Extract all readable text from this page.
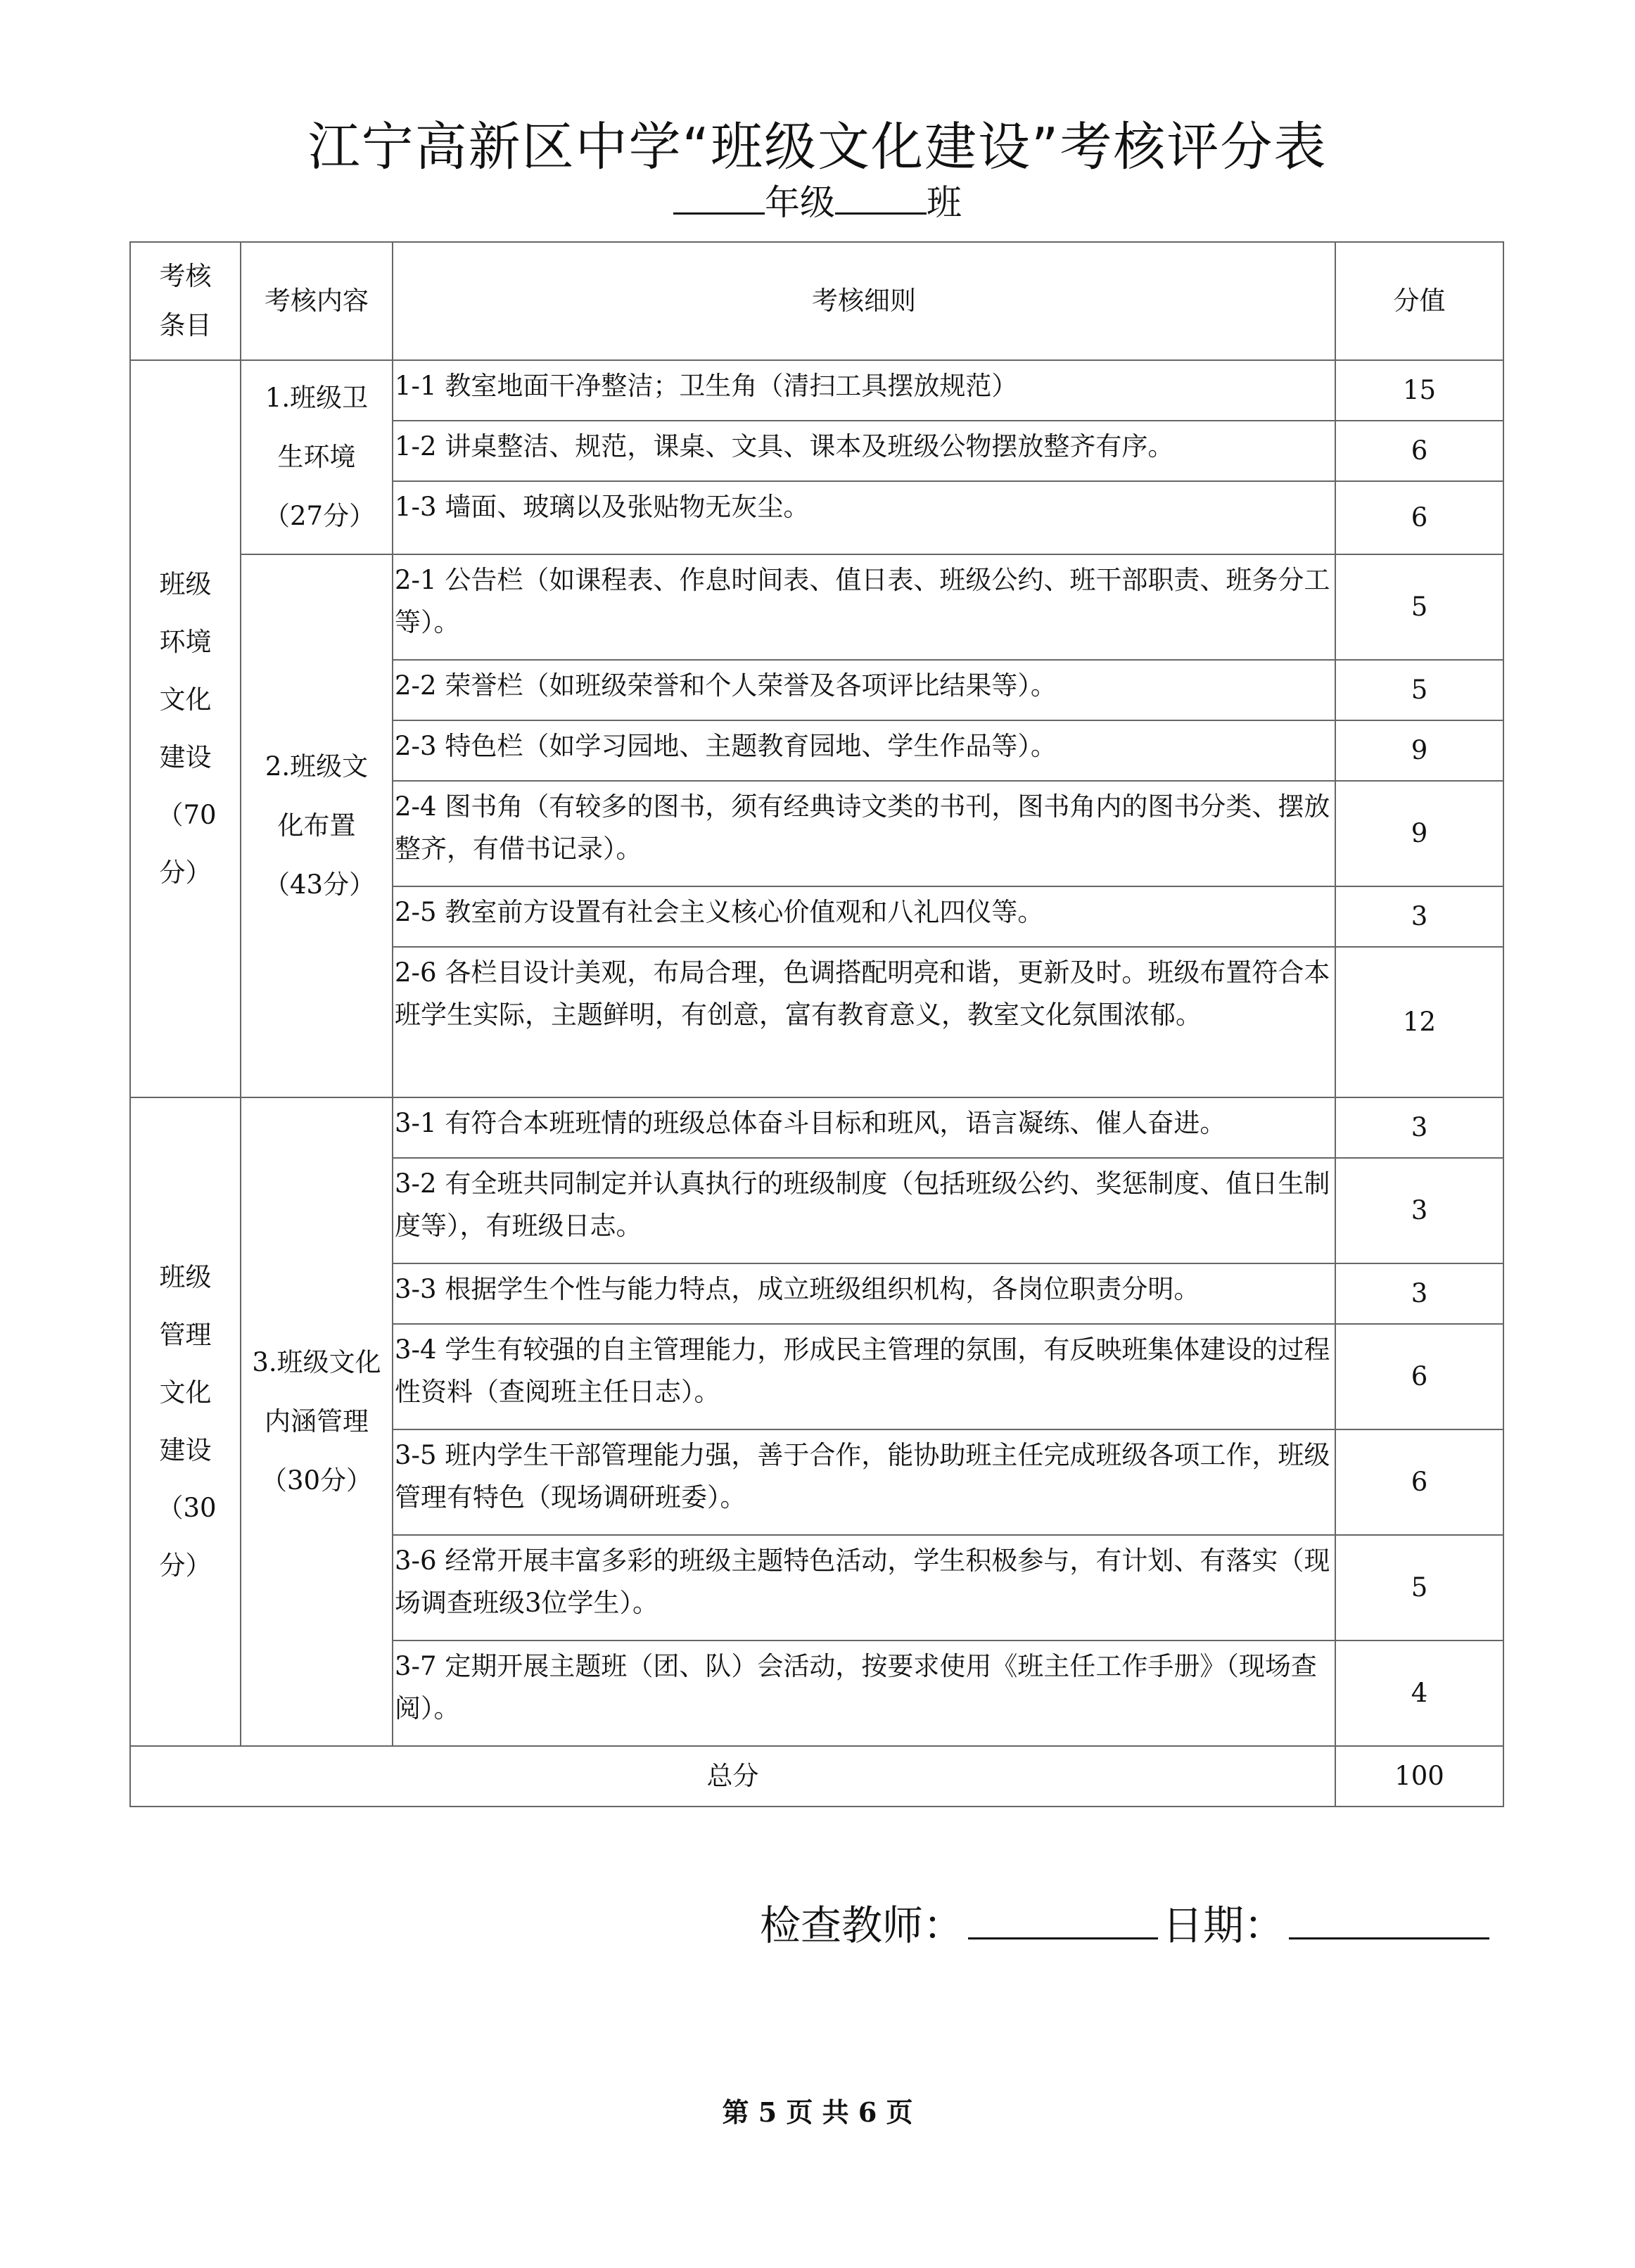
江宁高新区中学“班级文化建设”考核评分表
年级	班
考核条目	考核内容	考核细则	分值
班级环境文化建设（70分）	1.班级卫生环境（27分）	1-1 教室地面干净整洁；卫生角（清扫工具摆放规范）	15
		1-2 讲桌整洁、规范，课桌、文具、课本及班级公物摆放整齐有序。	6
		1-3 墙面、玻璃以及张贴物无灰尘。	6
	2.班级文化布置（43分）	2-1 公告栏（如课程表、作息时间表、值日表、班级公约、班干部职责、班务分工等）。	5
		2-2 荣誉栏（如班级荣誉和个人荣誉及各项评比结果等）。	5
		2-3 特色栏（如学习园地、主题教育园地、学生作品等）。	9
		2-4 图书角（有较多的图书，须有经典诗文类的书刊，图书角内的图书分类、摆放整齐，有借书记录）。	9
		2-5 教室前方设置有社会主义核心价值观和八礼四仪等。	3
		2-6 各栏目设计美观，布局合理，色调搭配明亮和谐，更新及时。班级布置符合本班学生实际，主题鲜明，有创意，富有教育意义，教室文化氛围浓郁。	12
班级管理文化建设（30分）	3.班级文化内涵管理（30分）	3-1 有符合本班班情的班级总体奋斗目标和班风，语言凝练、催人奋进。	3
		3-2 有全班共同制定并认真执行的班级制度（包括班级公约、奖惩制度、值日生制度等），有班级日志。	3
		3-3 根据学生个性与能力特点，成立班级组织机构，各岗位职责分明。	3
		3-4 学生有较强的自主管理能力，形成民主管理的氛围，有反映班集体建设的过程性资料（查阅班主任日志）。	6
		3-5 班内学生干部管理能力强，善于合作，能协助班主任完成班级各项工作，班级管理有特色（现场调研班委）。	6
		3-6 经常开展丰富多彩的班级主题特色活动，学生积极参与，有计划、有落实（现场调查班级3位学生）。	5
		3-7 定期开展主题班（团、队）会活动，按要求使用《班主任工作手册》（现场查阅）。	4
总分			100
检查教师：	日期：
第 5 页 共 6 页
